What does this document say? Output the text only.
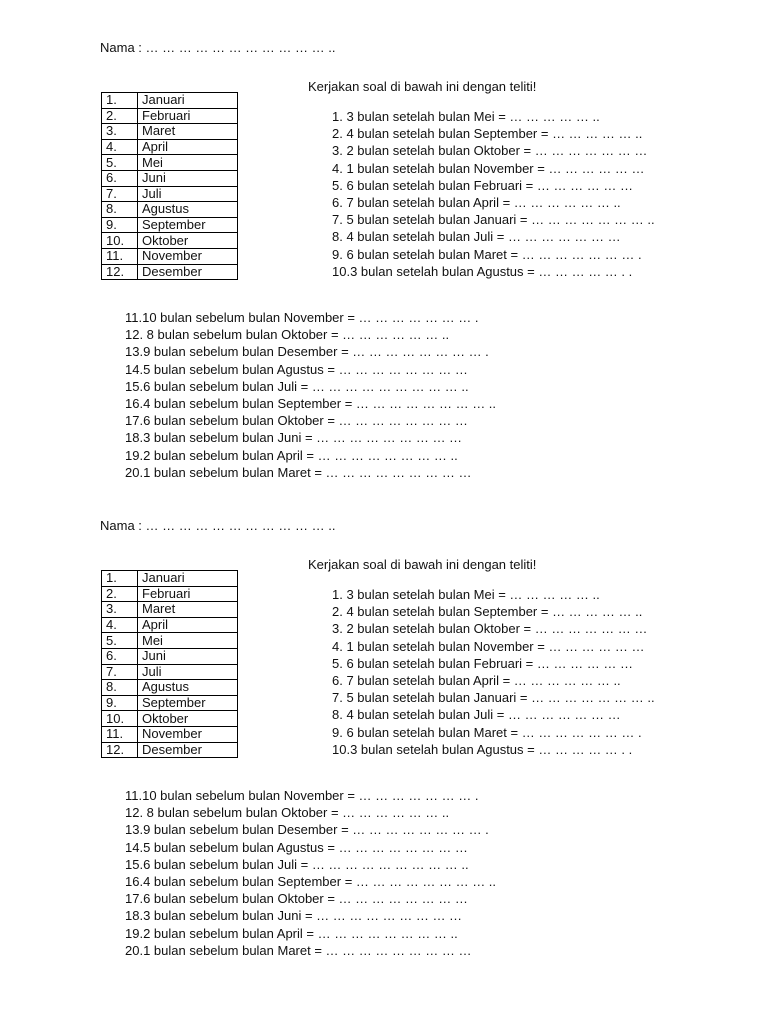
Nama : … … … … … … … … … … … ..
Kerjakan soal di bawah ini dengan teliti!
1.	Januari
2.	Februari
3.	Maret
4.	April
5.	Mei
6.	Juni
7.	Juli
8.	Agustus
9.	September
10.	Oktober
11.	November
12.	Desember
1. 3 bulan setelah bulan Mei = … … … … … ..
2. 4 bulan setelah bulan September = … … … … … ..
3. 2 bulan setelah bulan Oktober = … … … … … … …
4. 1 bulan setelah bulan November = … … … … … …
5. 6 bulan setelah bulan Februari = … … … … … …
6. 7 bulan setelah bulan April = … … … … … … ..
7. 5 bulan setelah bulan Januari = … … … … … … … ..
8. 4 bulan setelah bulan Juli = … … … … … … …
9. 6 bulan setelah bulan Maret = … … … … … … … .
10.3 bulan setelah bulan Agustus = … … … … … . .
11.10 bulan sebelum bulan November = … … … … … … … .
12. 8 bulan sebelum bulan Oktober = … … … … … … ..
13.9 bulan sebelum bulan Desember = … … … … … … … … .
14.5 bulan sebelum bulan Agustus = … … … … … … … …
15.6 bulan sebelum bulan Juli = … … … … … … … … … ..
16.4 bulan sebelum bulan September = … … … … … … … … ..
17.6 bulan sebelum bulan Oktober = … … … … … … … …
18.3 bulan sebelum bulan Juni = … … … … … … … … …
19.2 bulan sebelum bulan April = … … … … … … … … ..
20.1 bulan sebelum bulan Maret = … … … … … … … … …
Nama : … … … … … … … … … … … ..
Kerjakan soal di bawah ini dengan teliti!
1.	Januari
2.	Februari
3.	Maret
4.	April
5.	Mei
6.	Juni
7.	Juli
8.	Agustus
9.	September
10.	Oktober
11.	November
12.	Desember
1. 3 bulan setelah bulan Mei = … … … … … ..
2. 4 bulan setelah bulan September = … … … … … ..
3. 2 bulan setelah bulan Oktober = … … … … … … …
4. 1 bulan setelah bulan November = … … … … … …
5. 6 bulan setelah bulan Februari = … … … … … …
6. 7 bulan setelah bulan April = … … … … … … ..
7. 5 bulan setelah bulan Januari = … … … … … … … ..
8. 4 bulan setelah bulan Juli = … … … … … … …
9. 6 bulan setelah bulan Maret = … … … … … … … .
10.3 bulan setelah bulan Agustus = … … … … … . .
11.10 bulan sebelum bulan November = … … … … … … … .
12. 8 bulan sebelum bulan Oktober = … … … … … … ..
13.9 bulan sebelum bulan Desember = … … … … … … … … .
14.5 bulan sebelum bulan Agustus = … … … … … … … …
15.6 bulan sebelum bulan Juli = … … … … … … … … … ..
16.4 bulan sebelum bulan September = … … … … … … … … ..
17.6 bulan sebelum bulan Oktober = … … … … … … … …
18.3 bulan sebelum bulan Juni = … … … … … … … … …
19.2 bulan sebelum bulan April = … … … … … … … … ..
20.1 bulan sebelum bulan Maret = … … … … … … … … …
